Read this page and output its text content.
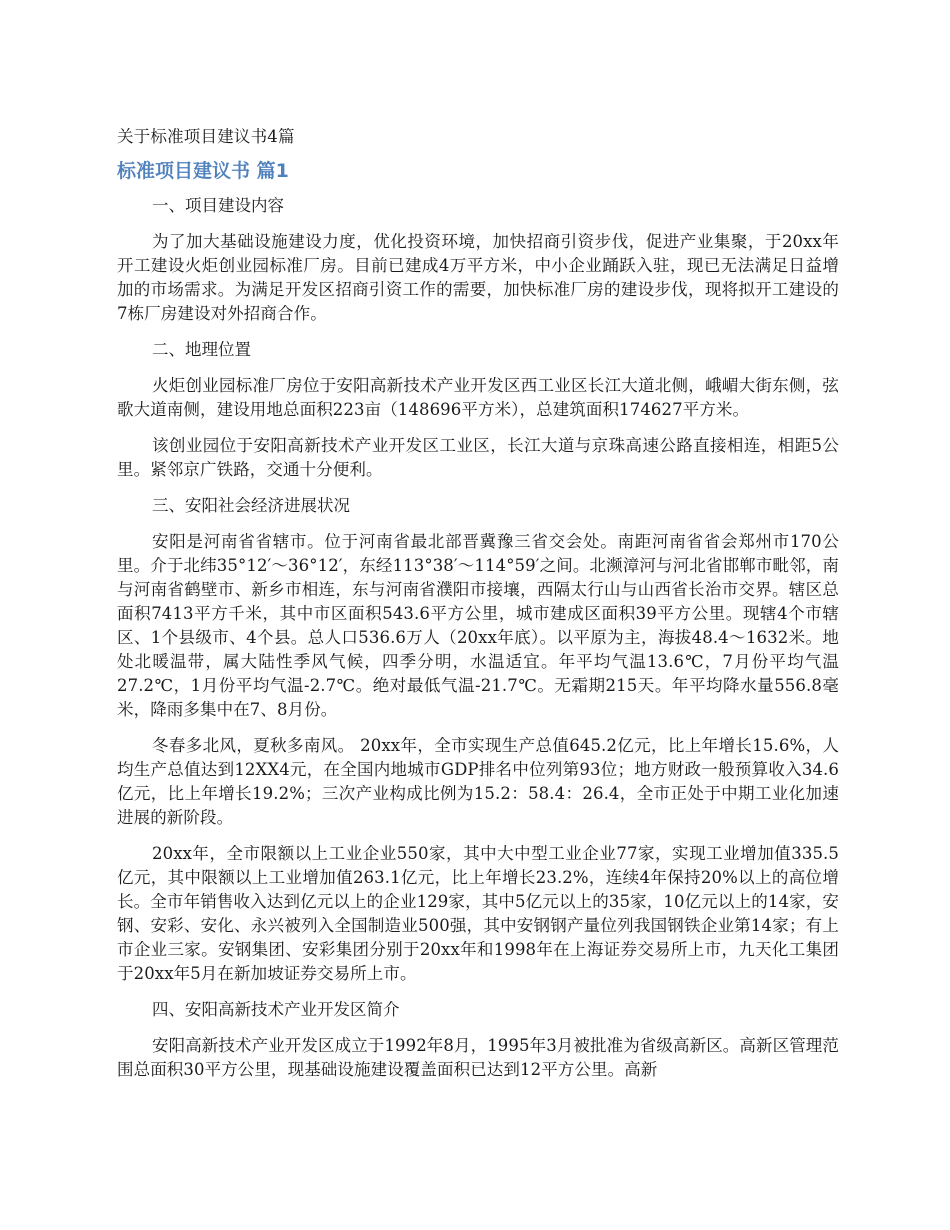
关于标准项目建议书4篇
标准项目建议书 篇1

一、项目建设内容

为了加大基础设施建设力度，优化投资环境，加快招商引资步伐，促进产业集聚，于20xx年开工建设火炬创业园标准厂房。目前已建成4万平方米，中小企业踊跃入驻，现已无法满足日益增加的市场需求。为满足开发区招商引资工作的需要，加快标准厂房的建设步伐，现将拟开工建设的7栋厂房建设对外招商合作。

二、地理位置

火炬创业园标准厂房位于安阳高新技术产业开发区西工业区长江大道北侧，峨嵋大街东侧，弦歌大道南侧，建设用地总面积223亩（148696平方米），总建筑面积174627平方米。

该创业园位于安阳高新技术产业开发区工业区，长江大道与京珠高速公路直接相连，相距5公里。紧邻京广铁路，交通十分便利。

三、安阳社会经济进展状况

安阳是河南省省辖市。位于河南省最北部晋冀豫三省交会处。南距河南省省会郑州市170公里。介于北纬35°12′～36°12′，东经113°38′～114°59′之间。北濒漳河与河北省邯郸市毗邻，南与河南省鹤壁市、新乡市相连，东与河南省濮阳市接壤，西隔太行山与山西省长治市交界。辖区总面积7413平方千米，其中市区面积543.6平方公里，城市建成区面积39平方公里。现辖4个市辖区、1个县级市、4个县。总人口536.6万人（20xx年底）。以平原为主，海拔48.4～1632米。地处北暖温带，属大陆性季风气候，四季分明，水温适宜。年平均气温13.6℃，7月份平均气温27.2℃，1月份平均气温-2.7℃。绝对最低气温-21.7℃。无霜期215天。年平均降水量556.8毫米，降雨多集中在7、8月份。

冬春多北风，夏秋多南风。 20xx年，全市实现生产总值645.2亿元，比上年增长15.6%，人均生产总值达到12XX4元，在全国内地城市GDP排名中位列第93位；地方财政一般预算收入34.6亿元，比上年增长19.2%；三次产业构成比例为15.2：58.4：26.4，全市正处于中期工业化加速进展的新阶段。

20xx年，全市限额以上工业企业550家，其中大中型工业企业77家，实现工业增加值335.5亿元，其中限额以上工业增加值263.1亿元，比上年增长23.2%，连续4年保持20%以上的高位增长。全市年销售收入达到亿元以上的企业129家，其中5亿元以上的35家，10亿元以上的14家，安钢、安彩、安化、永兴被列入全国制造业500强，其中安钢钢产量位列我国钢铁企业第14家；有上市企业三家。安钢集团、安彩集团分别于20xx年和1998年在上海证券交易所上市，九天化工集团于20xx年5月在新加坡证券交易所上市。

四、安阳高新技术产业开发区简介

安阳高新技术产业开发区成立于1992年8月，1995年3月被批准为省级高新区。高新区管理范围总面积30平方公里，现基础设施建设覆盖面积已达到12平方公里。高新
